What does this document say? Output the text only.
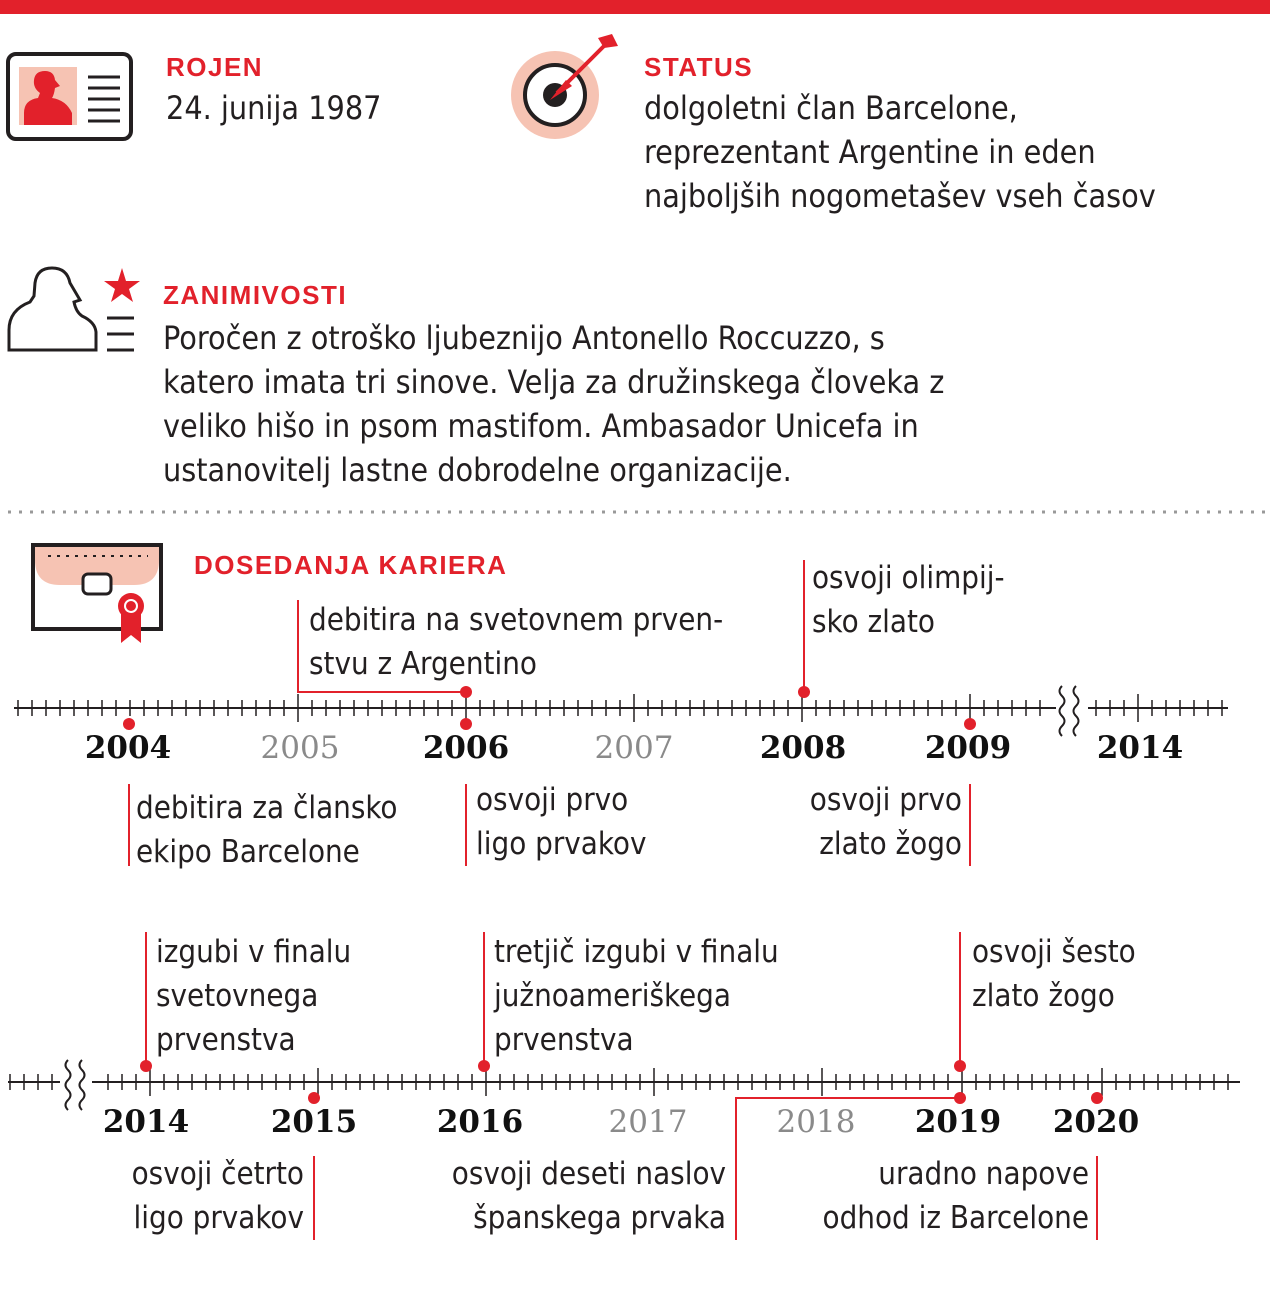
ROJEN
24. junija 1987
STATUS
dolgoletni član Barcelone,
reprezentant Argentine in eden
najboljših nogometašev vseh časov
ZANIMIVOSTI
Poročen z otroško ljubeznijo Antonello Roccuzzo, s
katero imata tri sinove. Velja za družinskega človeka z
veliko hišo in psom mastifom. Ambasador Unicefa in
ustanovitelj lastne dobrodelne organizacije.
DOSEDANJA KARIERA
2004	2005	2006	2007	2008	2009	2014
debitira na svetovnem prven-
stvu z Argentino
osvoji olimpij-
sko zlato
debitira za člansko
ekipo Barcelone
osvoji prvo
ligo prvakov
osvoji prvo
zlato žogo
2014	2015	2016	2017	2018 2019 2020
izgubi v finalu
svetovnega
prvenstva
tretjič izgubi v finalu
južnoameriškega
prvenstva
osvoji šesto
zlato žogo
osvoji četrto
ligo prvakov
osvoji deseti naslov
španskega prvaka
uradno napove
odhod iz Barcelone
